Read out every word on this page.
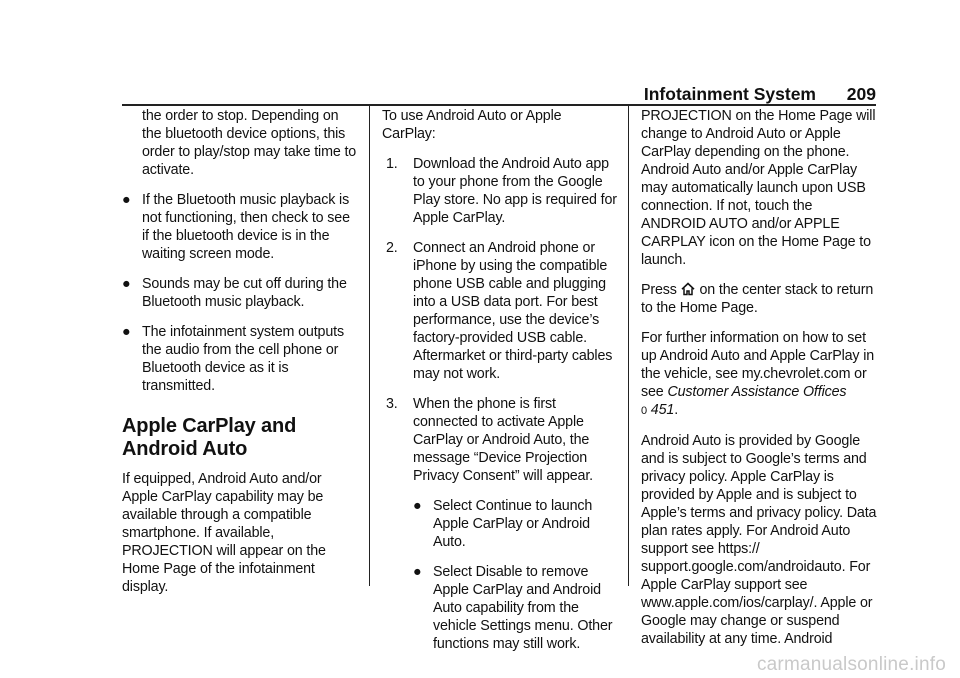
Infotainment System 209

the order to stop. Depending on the bluetooth device options, this order to play/stop may take time to activate.

● If the Bluetooth music playback is not functioning, then check to see if the bluetooth device is in the waiting screen mode.
● Sounds may be cut off during the Bluetooth music playback.
● The infotainment system outputs the audio from the cell phone or Bluetooth device as it is transmitted.
Apple CarPlay and
Android Auto

If equipped, Android Auto and/or Apple CarPlay capability may be available through a compatible smartphone. If available, PROJECTION will appear on the Home Page of the infotainment display.

To use Android Auto or Apple CarPlay:

1. Download the Android Auto app to your phone from the Google Play store. No app is required for Apple CarPlay.
2. Connect an Android phone or iPhone by using the compatible phone USB cable and plugging into a USB data port. For best performance, use the device’s factory-provided USB cable. Aftermarket or third-party cables may not work.
3. When the phone is first connected to activate Apple CarPlay or Android Auto, the message “Device Projection Privacy Consent” will appear.
● Select Continue to launch Apple CarPlay or Android Auto.
● Select Disable to remove Apple CarPlay and Android Auto capability from the vehicle Settings menu. Other functions may still work.

PROJECTION on the Home Page will change to Android Auto or Apple CarPlay depending on the phone. Android Auto and/or Apple CarPlay may automatically launch upon USB connection. If not, touch the ANDROID AUTO and/or APPLE CARPLAY icon on the Home Page to launch.

Press on the center stack to return to the Home Page.

For further information on how to set up Android Auto and Apple CarPlay in the vehicle, see my.chevrolet.com or see Customer Assistance Offices
0 451.

Android Auto is provided by Google and is subject to Google’s terms and privacy policy. Apple CarPlay is provided by Apple and is subject to Apple’s terms and privacy policy. Data plan rates apply. For Android Auto support see https:// support.google.com/androidauto. For Apple CarPlay support see www.apple.com/ios/carplay/. Apple or Google may change or suspend availability at any time. Android

carmanualsonline.info
